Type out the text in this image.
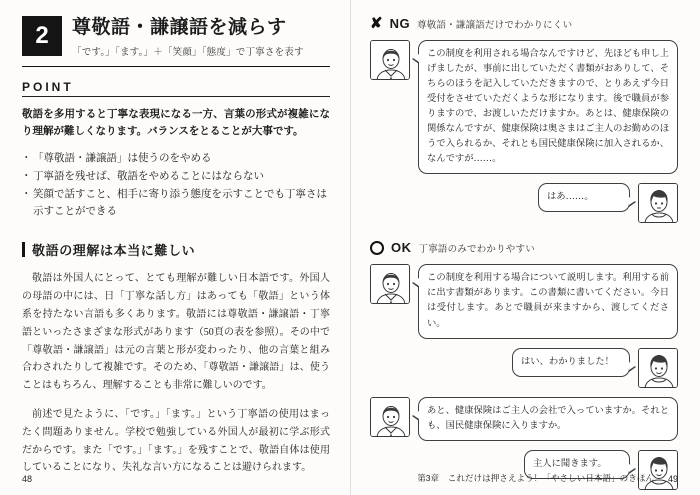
2	尊敬語・謙譲語を減らす
「です。」「ます。」＋「笑顔」「態度」で丁寧さを表す
POINT

敬語を多用すると丁寧な表現になる一方、言葉の形式が複雑になり理解が難しくなります。バランスをとることが大事です。

・ 「尊敬語・謙譲語」は使うのをやめる
・ 丁寧語を残せば、敬語をやめることにはならない
・ 笑顔で話すこと、相手に寄り添う態度を示すことでも丁寧さは示すことができる
敬語の理解は本当に難しい

敬語は外国人にとって、とても理解が難しい日本語です。外国人の母語の中には、日「丁寧な話し方」はあっても「敬語」という体系を持たない言語も多くあります。敬語には尊敬語・謙譲語・丁寧語といったさまざまな形式があります（50頁の表を参照）。その中で「尊敬語・謙譲語」は元の言葉と形が変わったり、他の言葉と組み合わされたりして複雑です。そのため、「尊敬語・謙譲語」は、使うことはもちろん、理解することも非常に難しいのです。

前述で見たように、「です。」「ます。」という丁寧語の使用はまったく問題ありません。学校で勉強している外国人が最初に学ぶ形式だからです。また「です。」「ます。」を残すことで、敬語自体は使用していることになり、失礼な言い方になることは避けられます。

48
✘ NG 尊敬語・謙譲語だけでわかりにくい
この制度を利用される場合なんですけど、先ほども申し上げましたが、事前に出していただく書類がおありして、そちらのほうを記入していただきますので、とりあえず今日受付をさせていただくような形になります。後で職員が参りますので、お渡しいただけますか。あとは、健康保険の関係なんですが、健康保険は奥さまはご主人のお勤めのほうで入られるか、それとも国民健康保険に加入されるか、なんですが……。
はあ……。
OK 丁寧語のみでわかりやすい
この制度を利用する場合について説明します。利用する前に出す書類があります。この書類に書いてください。今日は受付します。あとで職員が来ますから、渡してください。
はい、わかりました！
あと、健康保険はご主人の会社で入っていますか。それとも、国民健康保険に入りますか。
主人に聞きます。
第3章　これだけは押さえよう！「やさしい日本語」のきほん 49
